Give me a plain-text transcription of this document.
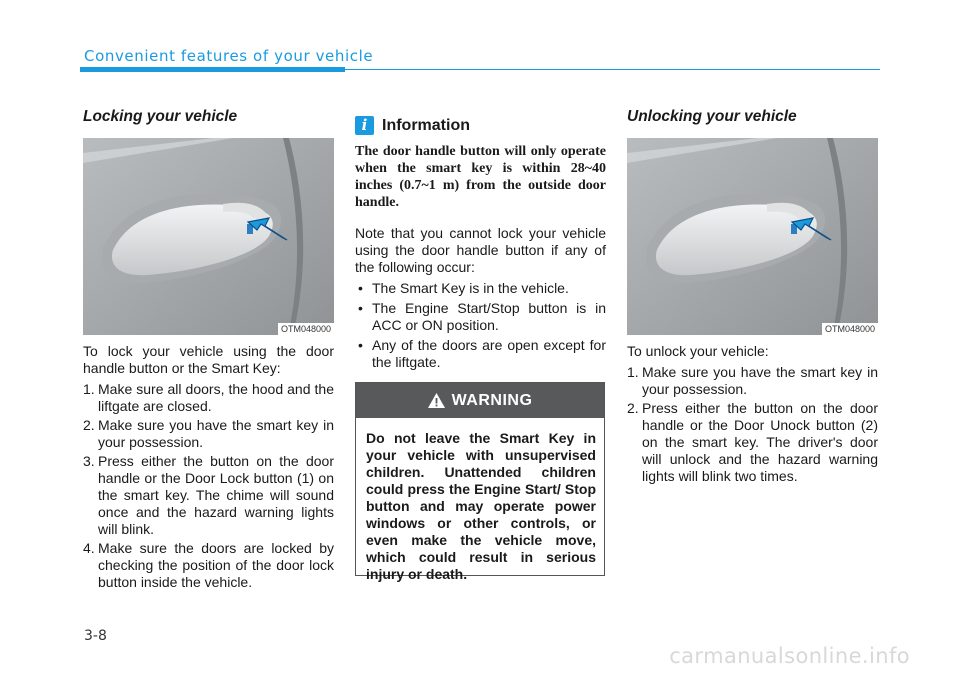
Convenient features of your vehicle
Locking your vehicle
OTM048000

To lock your vehicle using the door handle button or the Smart Key:

1. Make sure all doors, the hood and the liftgate are closed.
2. Make sure you have the smart key in your possession.
3. Press either the button on the door handle or the Door Lock button (1) on the smart key. The chime will sound once and the hazard warning lights will blink.
4. Make sure the doors are locked by checking the position of the door lock button inside the vehicle.
i Information

The door handle button will only operate when the smart key is within 28~40 inches (0.7~1 m) from the outside door handle.

Note that you cannot lock your vehicle using the door handle button if any of the following occur:

• The Smart Key is in the vehicle.
• The Engine Start/Stop button is in ACC or ON position.
• Any of the doors are open except for the liftgate.
WARNING

Do not leave the Smart Key in your vehicle with unsupervised children. Unattended children could press the Engine Start/ Stop button and may operate power windows or other controls, or even make the vehicle move, which could result in serious injury or death.

Unlocking your vehicle
OTM048000

To unlock your vehicle:

1. Make sure you have the smart key in your possession.
2. Press either the button on the door handle or the Door Unock button (2) on the smart key. The driver's door will unlock and the hazard warning lights will blink two times.
3-8
carmanualsonline.info
